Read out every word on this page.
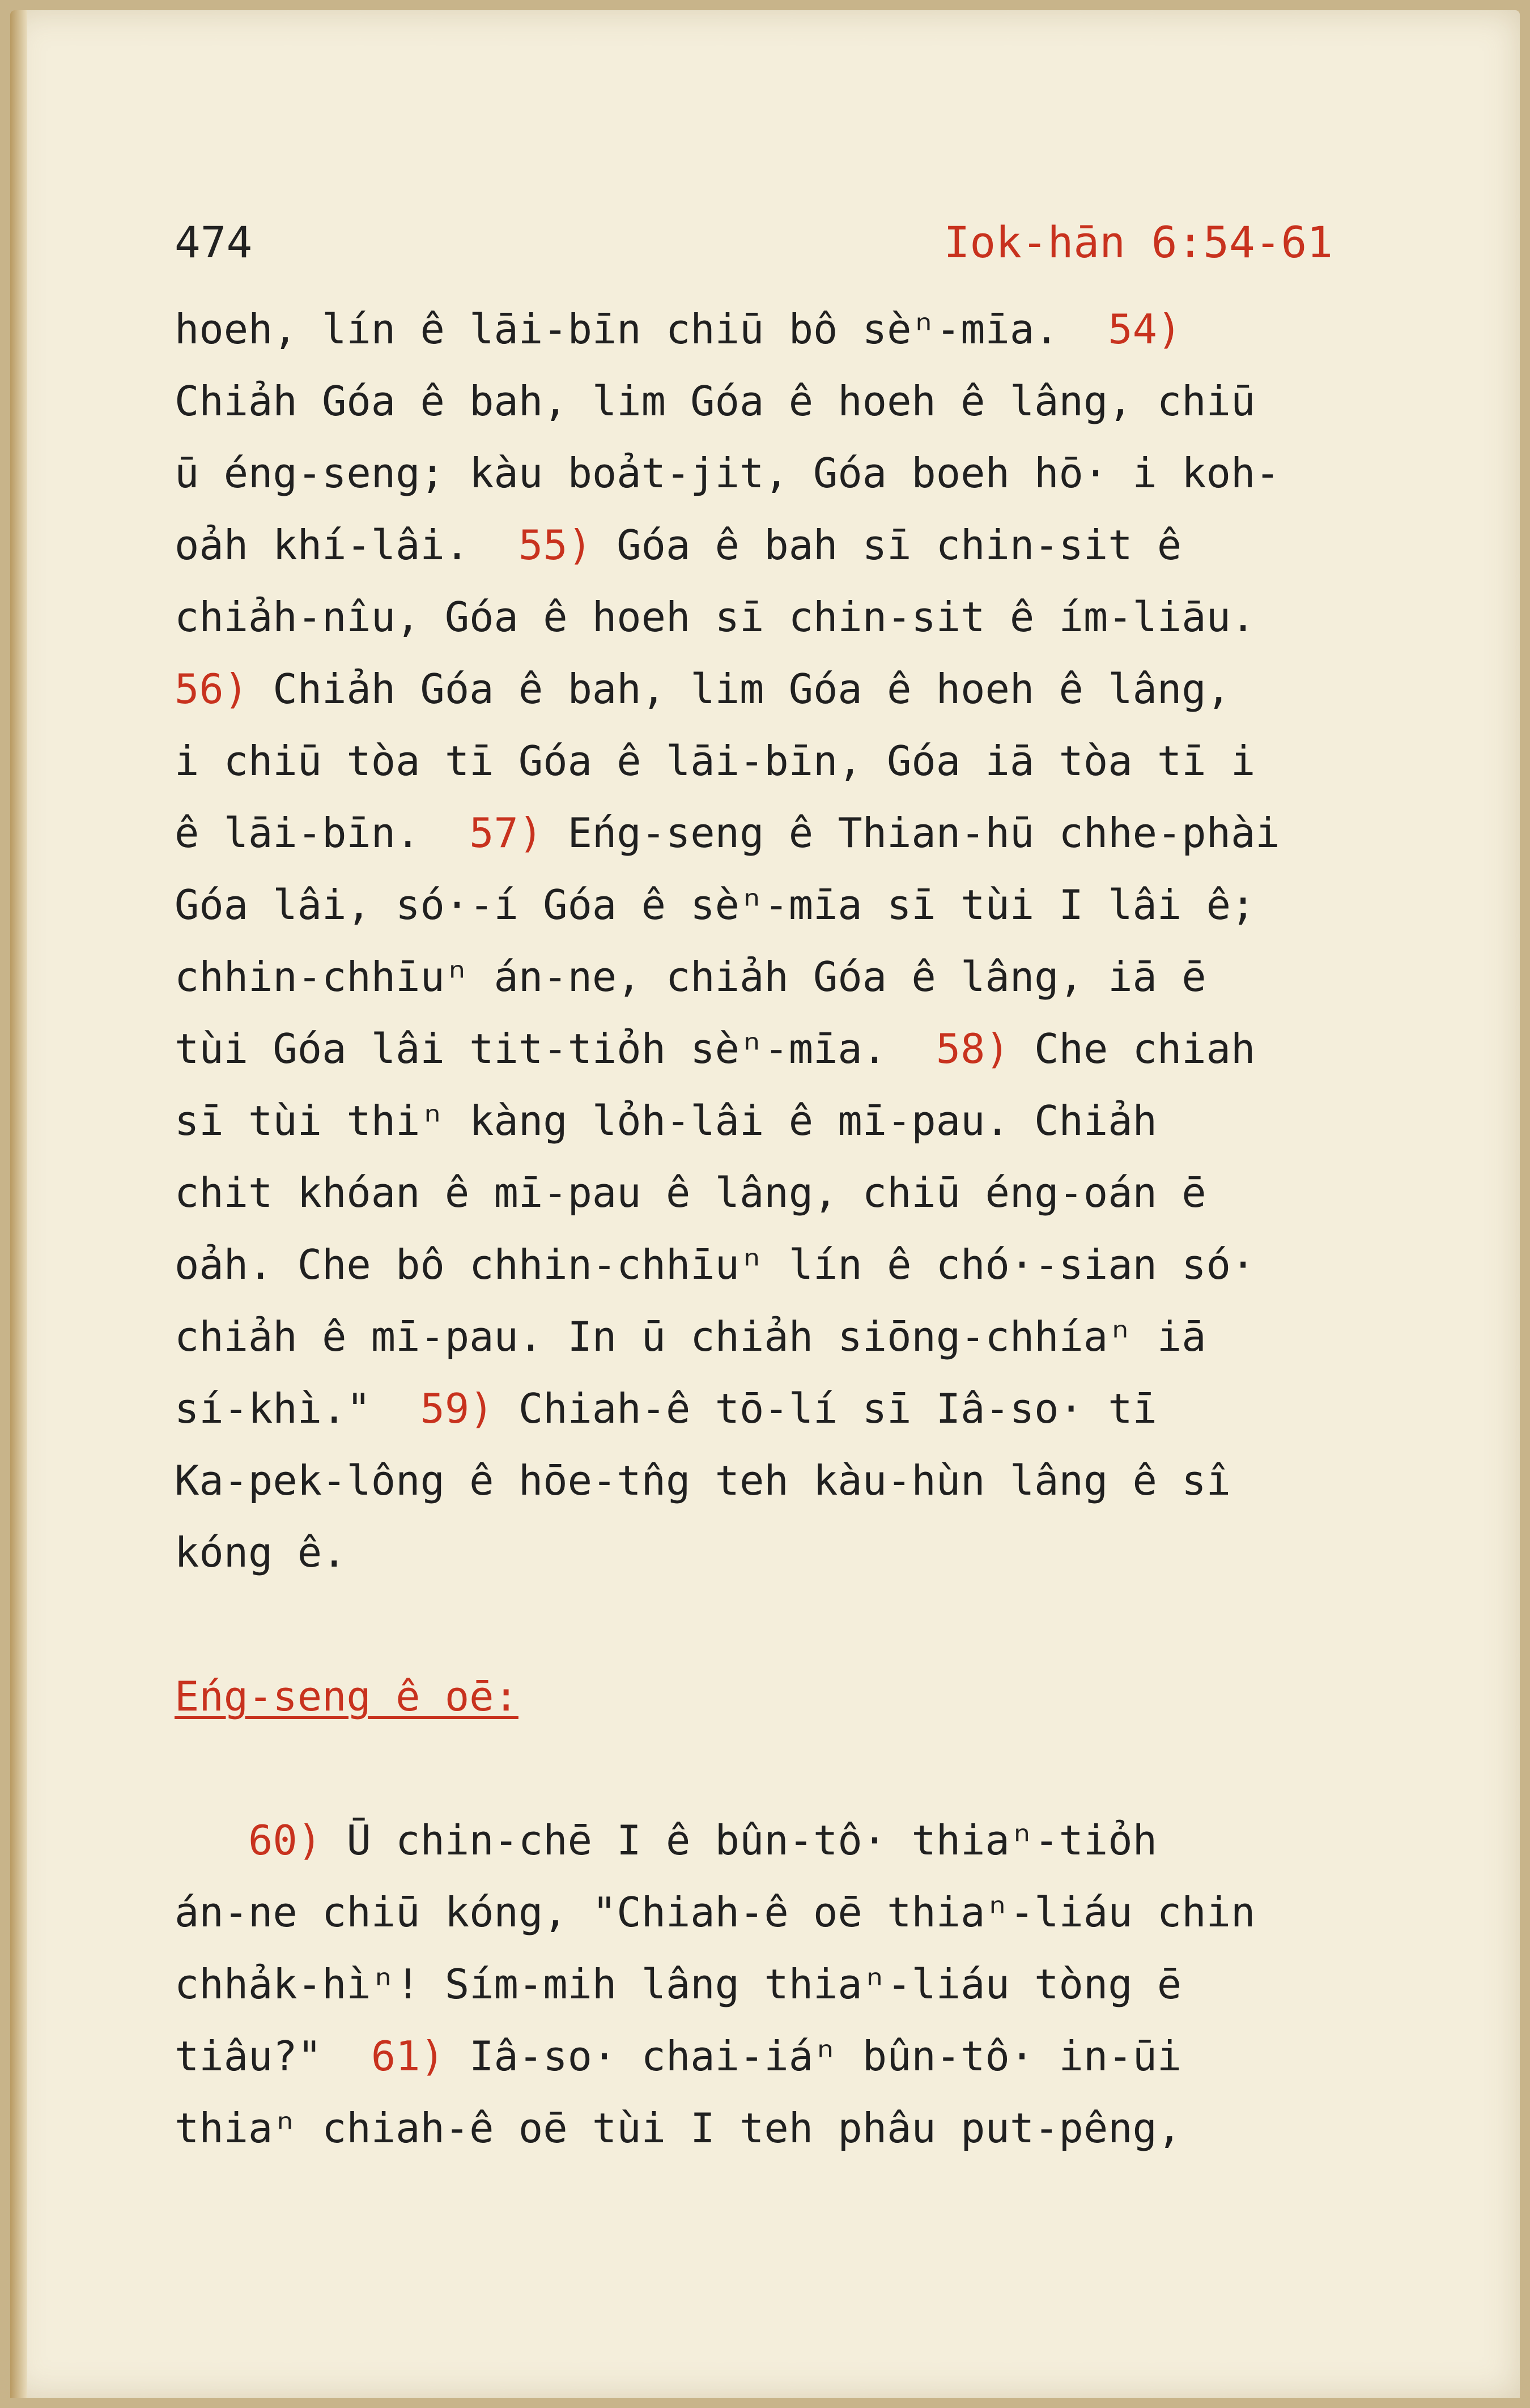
474	Iok-hān 6:54-61
hoeh, lín ê lāi-bīn chiū bô sèⁿ-mīa.  54)
Chiảh Góa ê bah, lim Góa ê hoeh ê lâng, chiū
ū éng-seng; kàu boảt-jit, Góa boeh hō· i koh-
oảh khí-lâi.  55) Góa ê bah sī chin-sit ê
chiảh-nîu, Góa ê hoeh sī chin-sit ê ím-liāu.
56) Chiảh Góa ê bah, lim Góa ê hoeh ê lâng,
i chiū tòa tī Góa ê lāi-bīn, Góa iā tòa tī i
ê lāi-bīn.  57) Eńg-seng ê Thian-hū chhe-phài
Góa lâi, só·-í Góa ê sèⁿ-mīa sī tùi I lâi ê;
chhin-chhīuⁿ án-ne, chiảh Góa ê lâng, iā ē
tùi Góa lâi tit-tiỏh sèⁿ-mīa.  58) Che chiah
sī tùi thiⁿ kàng lỏh-lâi ê mī-pau. Chiảh
chit khóan ê mī-pau ê lâng, chiū éng-oán ē
oảh. Che bô chhin-chhīuⁿ lín ê chó·-sian só·
chiảh ê mī-pau. In ū chiảh siōng-chhíaⁿ iā
sí-khì."  59) Chiah-ê tō-lí sī Iâ-so· tī
Ka-pek-lông ê hōe-tn̂g teh kàu-hùn lâng ê sî
kóng ê.
Eńg-seng ê oē:
60) Ū chin-chē I ê bûn-tô· thiaⁿ-tiỏh
án-ne chiū kóng, "Chiah-ê oē thiaⁿ-liáu chin
chhảk-hìⁿ! Sím-mih lâng thiaⁿ-liáu tòng ē
tiâu?"  61) Iâ-so· chai-iáⁿ bûn-tô· in-ūi
thiaⁿ chiah-ê oē tùi I teh phâu put-pêng,
